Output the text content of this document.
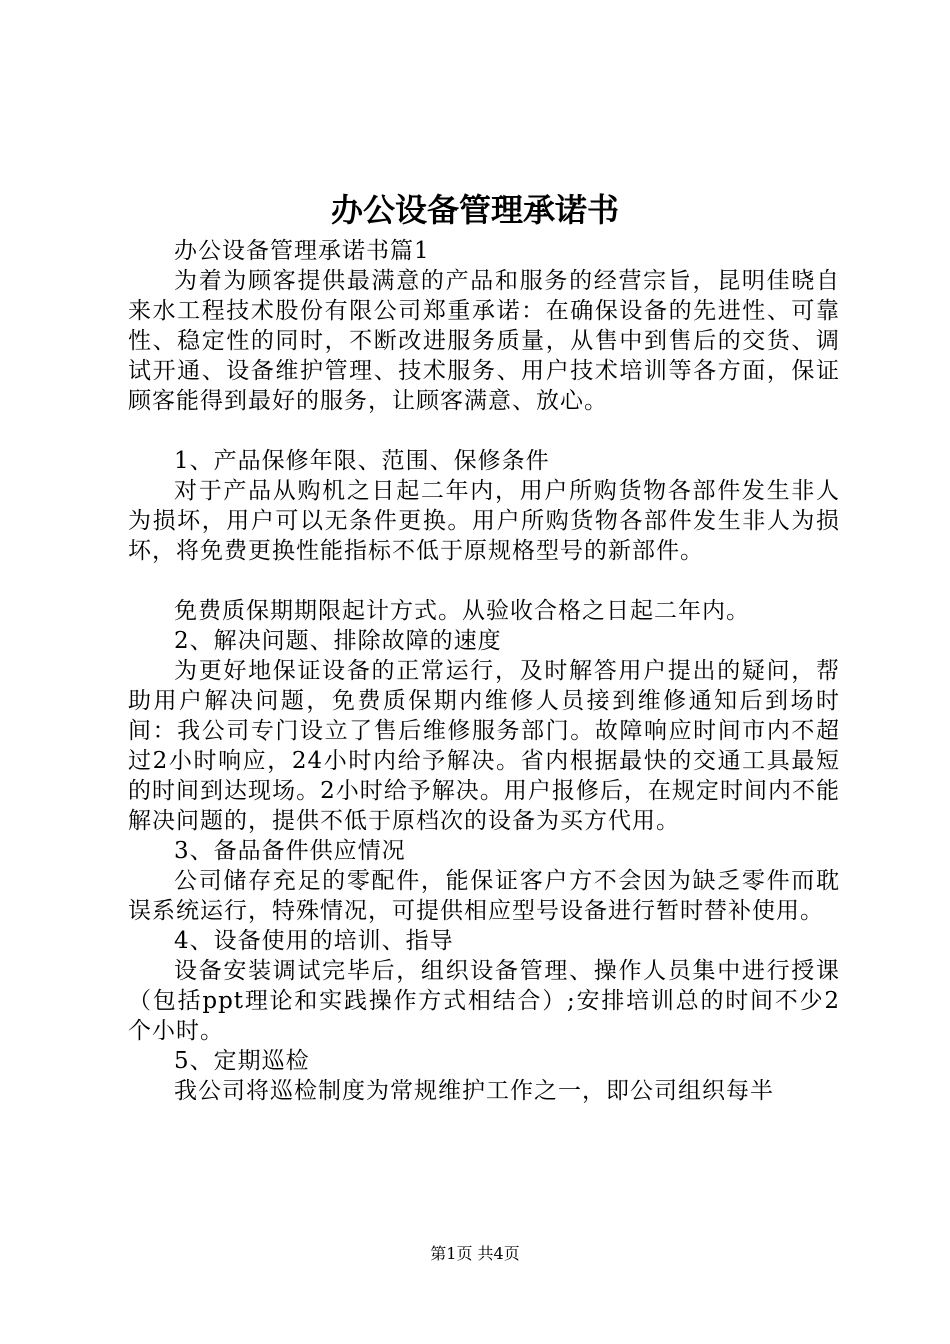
办公设备管理承诺书

办公设备管理承诺书篇1

为着为顾客提供最满意的产品和服务的经营宗旨，昆明佳晓自来水工程技术股份有限公司郑重承诺：在确保设备的先进性、可靠性、稳定性的同时，不断改进服务质量，从售中到售后的交货、调试开通、设备维护管理、技术服务、用户技术培训等各方面，保证顾客能得到最好的服务，让顾客满意、放心。

1、产品保修年限、范围、保修条件

对于产品从购机之日起二年内，用户所购货物各部件发生非人为损坏，用户可以无条件更换。用户所购货物各部件发生非人为损坏，将免费更换性能指标不低于原规格型号的新部件。

免费质保期期限起计方式。从验收合格之日起二年内。

2、解决问题、排除故障的速度

为更好地保证设备的正常运行，及时解答用户提出的疑问，帮助用户解决问题，免费质保期内维修人员接到维修通知后到场时间：我公司专门设立了售后维修服务部门。故障响应时间市内不超过2小时响应，24小时内给予解决。省内根据最快的交通工具最短的时间到达现场。2小时给予解决。用户报修后，在规定时间内不能解决问题的，提供不低于原档次的设备为买方代用。

3、备品备件供应情况

公司储存充足的零配件，能保证客户方不会因为缺乏零件而耽误系统运行，特殊情况，可提供相应型号设备进行暂时替补使用。

4、设备使用的培训、指导

设备安装调试完毕后，组织设备管理、操作人员集中进行授课（包括ppt理论和实践操作方式相结合）;安排培训总的时间不少2个小时。

5、定期巡检

我公司将巡检制度为常规维护工作之一，即公司组织每半

第1页 共4页
